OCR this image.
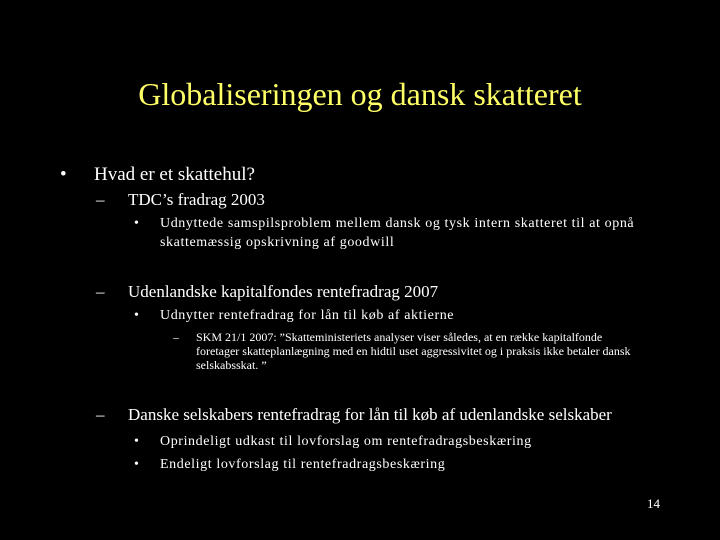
Globaliseringen og dansk skatteret
• Hvad er et skattehul?
– TDC’s fradrag 2003
• Udnyttede samspilsproblem mellem dansk og tysk intern skatteret til at opnå skattemæssig opskrivning af goodwill
– Udenlandske kapitalfondes rentefradrag 2007
• Udnytter rentefradrag for lån til køb af aktierne
– SKM 21/1 2007: ”Skatteministeriets analyser viser således, at en række kapitalfonde foretager skatteplanlægning med en hidtil uset aggressivitet og i praksis ikke betaler dansk selskabsskat. ”
– Danske selskabers rentefradrag for lån til køb af udenlandske selskaber
• Oprindeligt udkast til lovforslag om rentefradragsbeskæring
• Endeligt lovforslag til rentefradragsbeskæring
14
